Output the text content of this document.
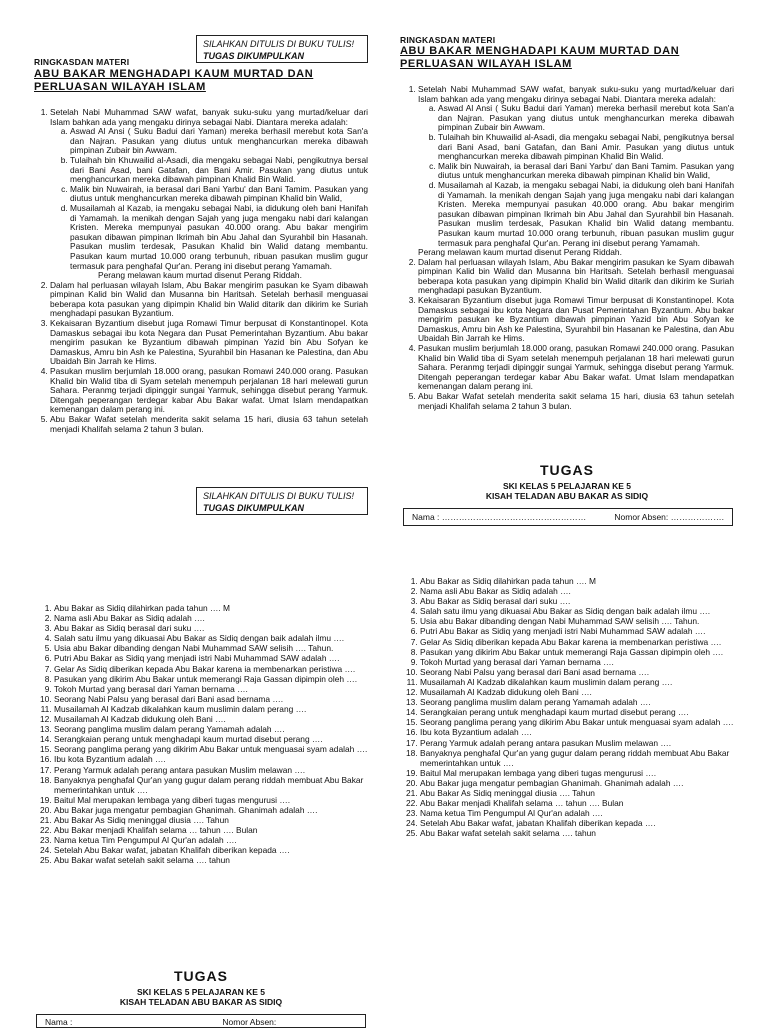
SILAHKAN DITULIS DI BUKU TULIS!
TUGAS DIKUMPULKAN
RINGKASDAN MATERI
ABU BAKAR MENGHADAPI KAUM MURTAD DAN
PERLUASAN WILAYAH ISLAM
1. Setelah Nabi Muhammad SAW wafat, banyak suku-suku yang murtad/keluar dari Islam bahkan ada yang mengaku dirinya sebagai Nabi. Diantara mereka adalah:
a. Aswad Al Ansi ( Suku Badui dari Yaman) mereka berhasil merebut kota San'a dan Najran. Pasukan yang diutus untuk menghancurkan mereka dibawah pimpinan Zubair bin Awwam.
b. Tulaihah bin Khuwailid al-Asadi, dia mengaku sebagai Nabi, pengikutnya bersal dari Bani Asad, bani Gatafan, dan Bani Amir. Pasukan yang diutus untuk menghancurkan mereka dibawah pimpinan Khalid Bin Walid.
c. Malik bin Nuwairah, ia berasal dari Bani Yarbu' dan Bani Tamim. Pasukan yang diutus untuk menghancurkan mereka dibawah pimpinan Khalid bin Walid,
d. Musailamah al Kazab, ia mengaku sebagai Nabi, ia didukung oleh bani Hanifah di Yamamah. Ia menikah dengan Sajah yang juga mengaku nabi dari kalangan Kristen. Mereka mempunyai pasukan 40.000 orang. Abu bakar mengirim pasukan dibawan pimpinan Ikrimah bin Abu Jahal dan Syurahbil bin Hasanah. Pasukan muslim terdesak, Pasukan Khalid bin Walid datang membantu. Pasukan kaum murtad 10.000 orang terbunuh, ribuan pasukan muslim gugur termasuk para penghafal Qur'an. Perang ini disebut perang Yamamah.
Perang melawan kaum murtad disenut Perang Riddah.
2. Dalam hal perluasan wilayah Islam, Abu Bakar mengirim pasukan ke Syam dibawah pimpinan Kalid bin Walid dan Musanna bin Haritsah. Setelah berhasil menguasai beberapa kota pasukan yang dipimpin Khalid bin Walid ditarik dan dikirim ke Suriah menghadapi pasukan Byzantium.
3. Kekaisaran Byzantium disebut juga Romawi Timur berpusat di Konstantinopel. Kota Damaskus sebagai ibu kota Negara dan Pusat Pemerintahan Byzantium. Abu bakar mengirim pasukan ke Byzantium dibawah pimpinan Yazid bin Abu Sofyan ke Damaskus, Amru bin Ash ke Palestina, Syurahbil bin Hasanan ke Palestina, dan Abu Ubaidah Bin Jarrah ke Hims.
4. Pasukan muslim berjumlah 18.000 orang, pasukan Romawi 240.000 orang. Pasukan Khalid bin Walid tiba di Syam setelah menempuh perjalanan 18 hari melewati gurun Sahara. Peranmg terjadi dipinggir sungai Yarmuk, sehingga disebut perang Yarmuk. Ditengah peperangan terdegar kabar Abu Bakar wafat. Umat Islam mendapatkan kemenangan dalam perang ini.
5. Abu Bakar Wafat setelah menderita sakit selama 15 hari, diusia 63 tahun setelah menjadi Khalifah selama 2 tahun 3 bulan.
RINGKASDAN MATERI
ABU BAKAR MENGHADAPI KAUM MURTAD DAN
PERLUASAN WILAYAH ISLAM
1. Setelah Nabi Muhammad SAW wafat, banyak suku-suku yang murtad/keluar dari Islam bahkan ada yang mengaku dirinya sebagai Nabi. Diantara mereka adalah:
a. Aswad Al Ansi ( Suku Badui dari Yaman) mereka berhasil merebut kota San'a dan Najran. Pasukan yang diutus untuk menghancurkan mereka dibawah pimpinan Zubair bin Awwam.
b. Tulaihah bin Khuwailid al-Asadi, dia mengaku sebagai Nabi, pengikutnya bersal dari Bani Asad, bani Gatafan, dan Bani Amir. Pasukan yang diutus untuk menghancurkan mereka dibawah pimpinan Khalid Bin Walid.
c. Malik bin Nuwairah, ia berasal dari Bani Yarbu' dan Bani Tamim. Pasukan yang diutus untuk menghancurkan mereka dibawah pimpinan Khalid bin Walid,
d. Musailamah al Kazab, ia mengaku sebagai Nabi, ia didukung oleh bani Hanifah di Yamamah. Ia menikah dengan Sajah yang juga mengaku nabi dari kalangan Kristen. Mereka mempunyai pasukan 40.000 orang. Abu bakar mengirim pasukan dibawan pimpinan Ikrimah bin Abu Jahal dan Syurahbil bin Hasanah. Pasukan muslim terdesak, Pasukan Khalid bin Walid datang membantu. Pasukan kaum murtad 10.000 orang terbunuh, ribuan pasukan muslim gugur termasuk para penghafal Qur'an. Perang ini disebut perang Yamamah.
Perang melawan kaum murtad disenut Perang Riddah.
2. Dalam hal perluasan wilayah Islam, Abu Bakar mengirim pasukan ke Syam dibawah pimpinan Kalid bin Walid dan Musanna bin Haritsah. Setelah berhasil menguasai beberapa kota pasukan yang dipimpin Khalid bin Walid ditarik dan dikirim ke Suriah menghadapi pasukan Byzantium.
3. Kekaisaran Byzantium disebut juga Romawi Timur berpusat di Konstantinopel. Kota Damaskus sebagai ibu kota Negara dan Pusat Pemerintahan Byzantium. Abu bakar mengirim pasukan ke Byzantium dibawah pimpinan Yazid bin Abu Sofyan ke Damaskus, Amru bin Ash ke Palestina, Syurahbil bin Hasanan ke Palestina, dan Abu Ubaidah Bin Jarrah ke Hims.
4. Pasukan muslim berjumlah 18.000 orang, pasukan Romawi 240.000 orang. Pasukan Khalid bin Walid tiba di Syam setelah menempuh perjalanan 18 hari melewati gurun Sahara. Peranmg terjadi dipinggir sungai Yarmuk, sehingga disebut perang Yarmuk. Ditengah peperangan terdegar kabar Abu Bakar wafat. Umat Islam mendapatkan kemenangan dalam perang ini.
5. Abu Bakar Wafat setelah menderita sakit selama 15 hari, diusia 63 tahun setelah menjadi Khalifah selama 2 tahun 3 bulan.
TUGAS
SKI KELAS 5 PELAJARAN KE 5
KISAH TELADAN ABU BAKAR AS SIDIQ
Nama : ……………………………………………	Nomor Absen: ……………….
SILAHKAN DITULIS DI BUKU TULIS!
TUGAS DIKUMPULKAN
1. Abu Bakar as Sidiq dilahirkan pada tahun …. M
2. Nama asli Abu Bakar as Sidiq adalah ….
3. Abu Bakar as Sidiq berasal dari suku ….
4. Salah satu ilmu yang dikuasai Abu Bakar as Sidiq dengan baik adalah ilmu ….
5. Usia abu Bakar dibanding dengan Nabi Muhammad SAW selisih …. Tahun.
6. Putri Abu Bakar as Sidiq yang menjadi istri Nabi Muhammad SAW adalah ….
7. Gelar As Sidiq diberikan kepada Abu Bakar karena ia membenarkan peristiwa ….
8. Pasukan yang dikirim Abu Bakar untuk memerangi Raja Gassan dipimpin oleh ….
9. Tokoh Murtad yang berasal dari Yaman bernama ….
10. Seorang Nabi Palsu yang berasal dari Bani asad bernama ….
11. Musailamah Al Kadzab dikalahkan kaum muslimin dalam perang ….
12. Musailamah Al Kadzab didukung oleh Bani ….
13. Seorang panglima muslim dalam perang Yamamah adalah ….
14. Serangkaian perang untuk menghadapi kaum murtad disebut perang ….
15. Seorang panglima perang yang dikirim Abu Bakar untuk menguasai syam adalah ….
16. Ibu kota Byzantium adalah ….
17. Perang Yarmuk adalah perang antara pasukan Muslim melawan ….
18. Banyaknya penghafal Qur'an yang gugur dalam perang riddah membuat Abu Bakar memerintahkan untuk ….
19. Baitul Mal merupakan lembaga yang diberi tugas mengurusi ….
20. Abu Bakar juga mengatur pembagian Ghanimah. Ghanimah adalah ….
21. Abu Bakar As Sidiq meninggal diusia …. Tahun
22. Abu Bakar menjadi Khalifah selama … tahun …. Bulan
23. Nama ketua Tim Pengumpul Al Qur'an adalah ….
24. Setelah Abu Bakar wafat, jabatan Khalifah diberikan kepada ….
25. Abu Bakar wafat setelah sakit selama …. tahun
1. Abu Bakar as Sidiq dilahirkan pada tahun …. M
2. Nama asli Abu Bakar as Sidiq adalah ….
3. Abu Bakar as Sidiq berasal dari suku ….
4. Salah satu ilmu yang dikuasai Abu Bakar as Sidiq dengan baik adalah ilmu ….
5. Usia abu Bakar dibanding dengan Nabi Muhammad SAW selisih …. Tahun.
6. Putri Abu Bakar as Sidiq yang menjadi istri Nabi Muhammad SAW adalah ….
7. Gelar As Sidiq diberikan kepada Abu Bakar karena ia membenarkan peristiwa ….
8. Pasukan yang dikirim Abu Bakar untuk memerangi Raja Gassan dipimpin oleh ….
9. Tokoh Murtad yang berasal dari Yaman bernama ….
10. Seorang Nabi Palsu yang berasal dari Bani asad bernama ….
11. Musailamah Al Kadzab dikalahkan kaum muslimin dalam perang ….
12. Musailamah Al Kadzab didukung oleh Bani ….
13. Seorang panglima muslim dalam perang Yamamah adalah ….
14. Serangkaian perang untuk menghadapi kaum murtad disebut perang ….
15. Seorang panglima perang yang dikirim Abu Bakar untuk menguasai syam adalah ….
16. Ibu kota Byzantium adalah ….
17. Perang Yarmuk adalah perang antara pasukan Muslim melawan ….
18. Banyaknya penghafal Qur'an yang gugur dalam perang riddah membuat Abu Bakar memerintahkan untuk ….
19. Baitul Mal merupakan lembaga yang diberi tugas mengurusi ….
20. Abu Bakar juga mengatur pembagian Ghanimah. Ghanimah adalah ….
21. Abu Bakar As Sidiq meninggal diusia …. Tahun
22. Abu Bakar menjadi Khalifah selama … tahun …. Bulan
23. Nama ketua Tim Pengumpul Al Qur'an adalah ….
24. Setelah Abu Bakar wafat, jabatan Khalifah diberikan kepada ….
25. Abu Bakar wafat setelah sakit selama …. tahun
TUGAS
SKI KELAS 5 PELAJARAN KE 5
KISAH TELADAN ABU BAKAR AS SIDIQ
Nama :	Nomor Absen:
